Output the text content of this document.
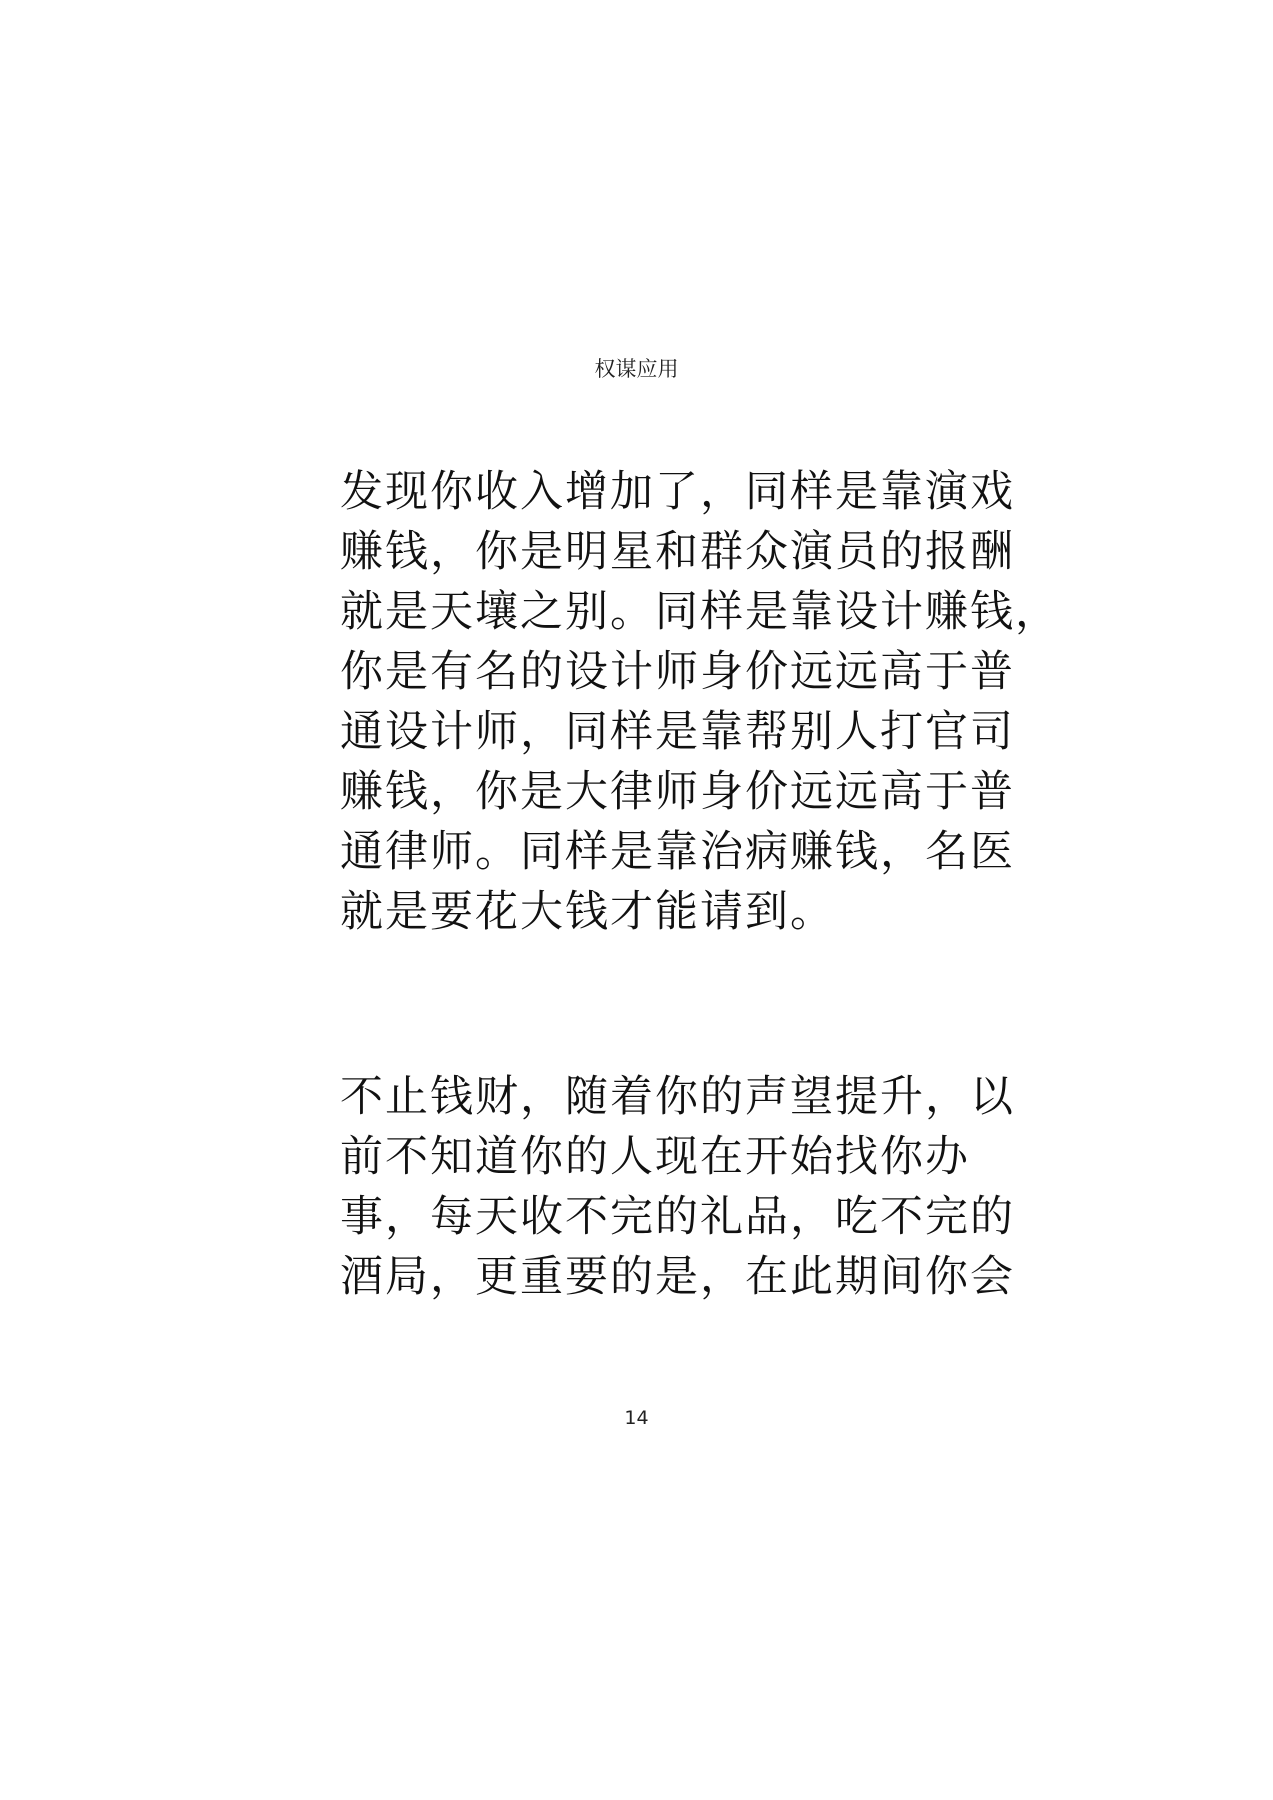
权谋应用
发现你收入增加了，同样是靠演戏
赚钱，你是明星和群众演员的报酬
就是天壤之别。同样是靠设计赚钱，
你是有名的设计师身价远远高于普
通设计师，同样是靠帮别人打官司
赚钱，你是大律师身价远远高于普
通律师。同样是靠治病赚钱，名医
就是要花大钱才能请到。
不止钱财，随着你的声望提升，以
前不知道你的人现在开始找你办
事，每天收不完的礼品，吃不完的
酒局，更重要的是，在此期间你会
14
